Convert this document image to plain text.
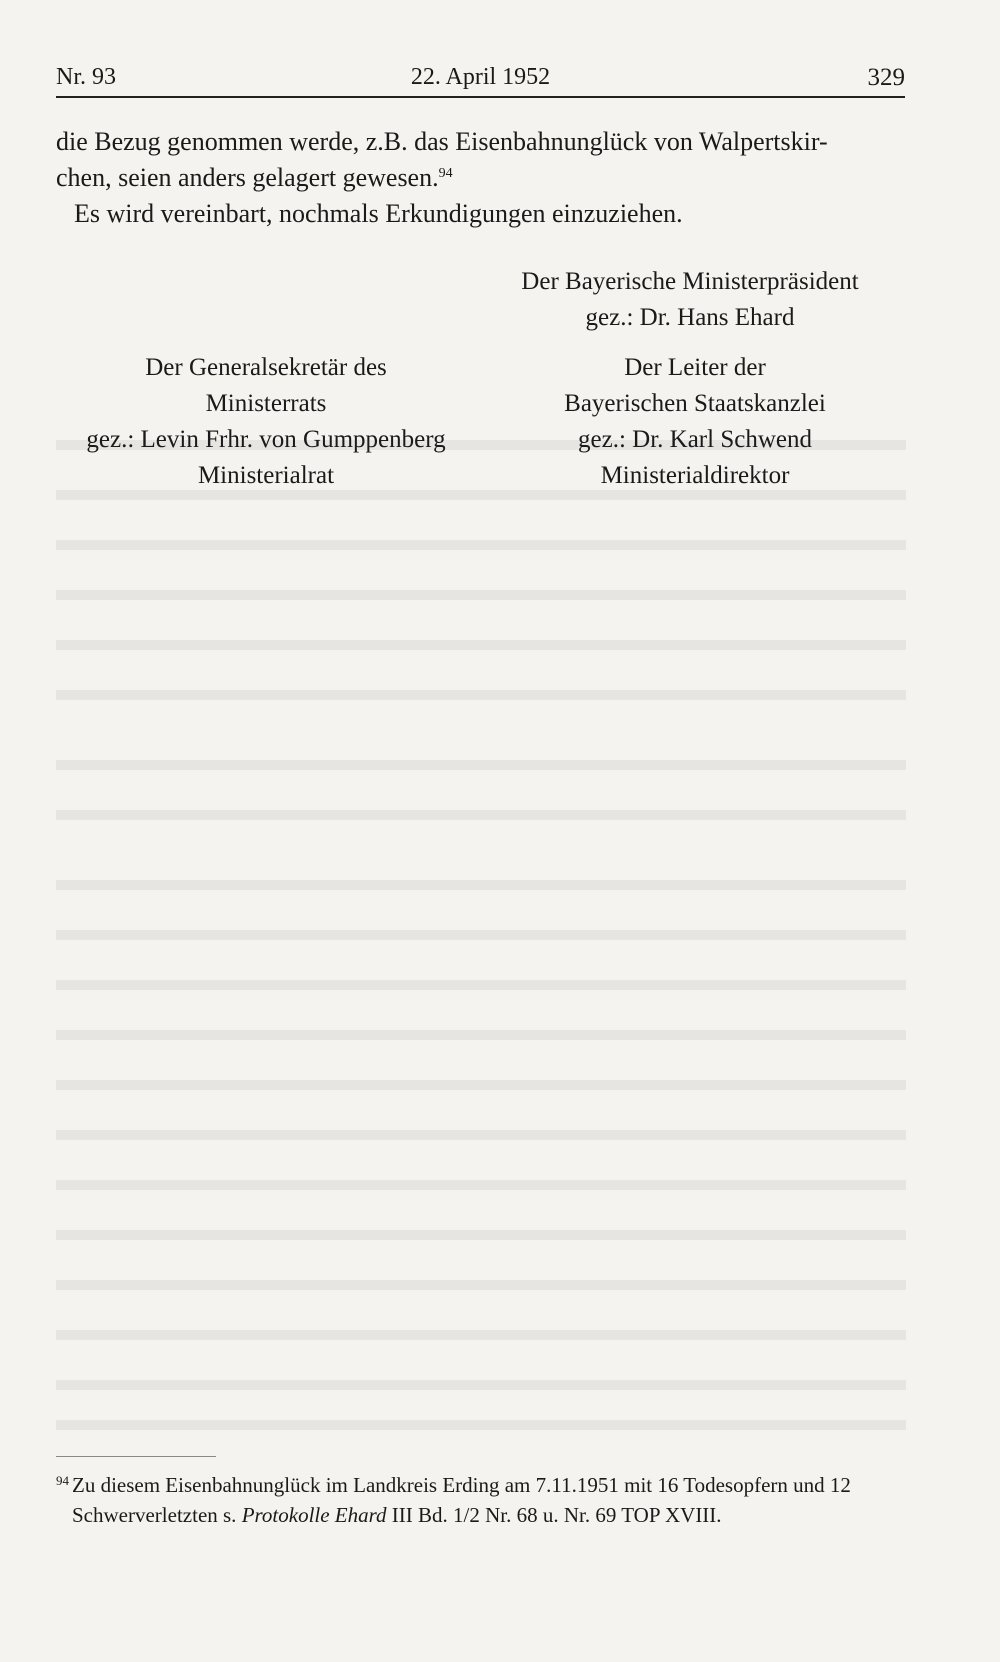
Nr. 93	22. April 1952	329

die Bezug genommen werde, z.B. das Eisenbahnunglück von Walpertskir-

chen, seien anders gelagert gewesen.$^{94}$

Es wird vereinbart, nochmals Erkundigungen einzuziehen.

Der Bayerische Ministerpräsident
gez.: Dr. Hans Ehard
Der Generalsekretär des
Ministerrats
gez.: Levin Frhr. von Gumppenberg
Ministerialrat
Der Leiter der
Bayerischen Staatskanzlei
gez.: Dr. Karl Schwend
Ministerialdirektor
94 Zu diesem Eisenbahnunglück im Landkreis Erding am 7.11.1951 mit 16 Todesopfern und 12 Schwerverletzten s. Protokolle Ehard III Bd. 1/2 Nr. 68 u. Nr. 69 TOP XVIII.
